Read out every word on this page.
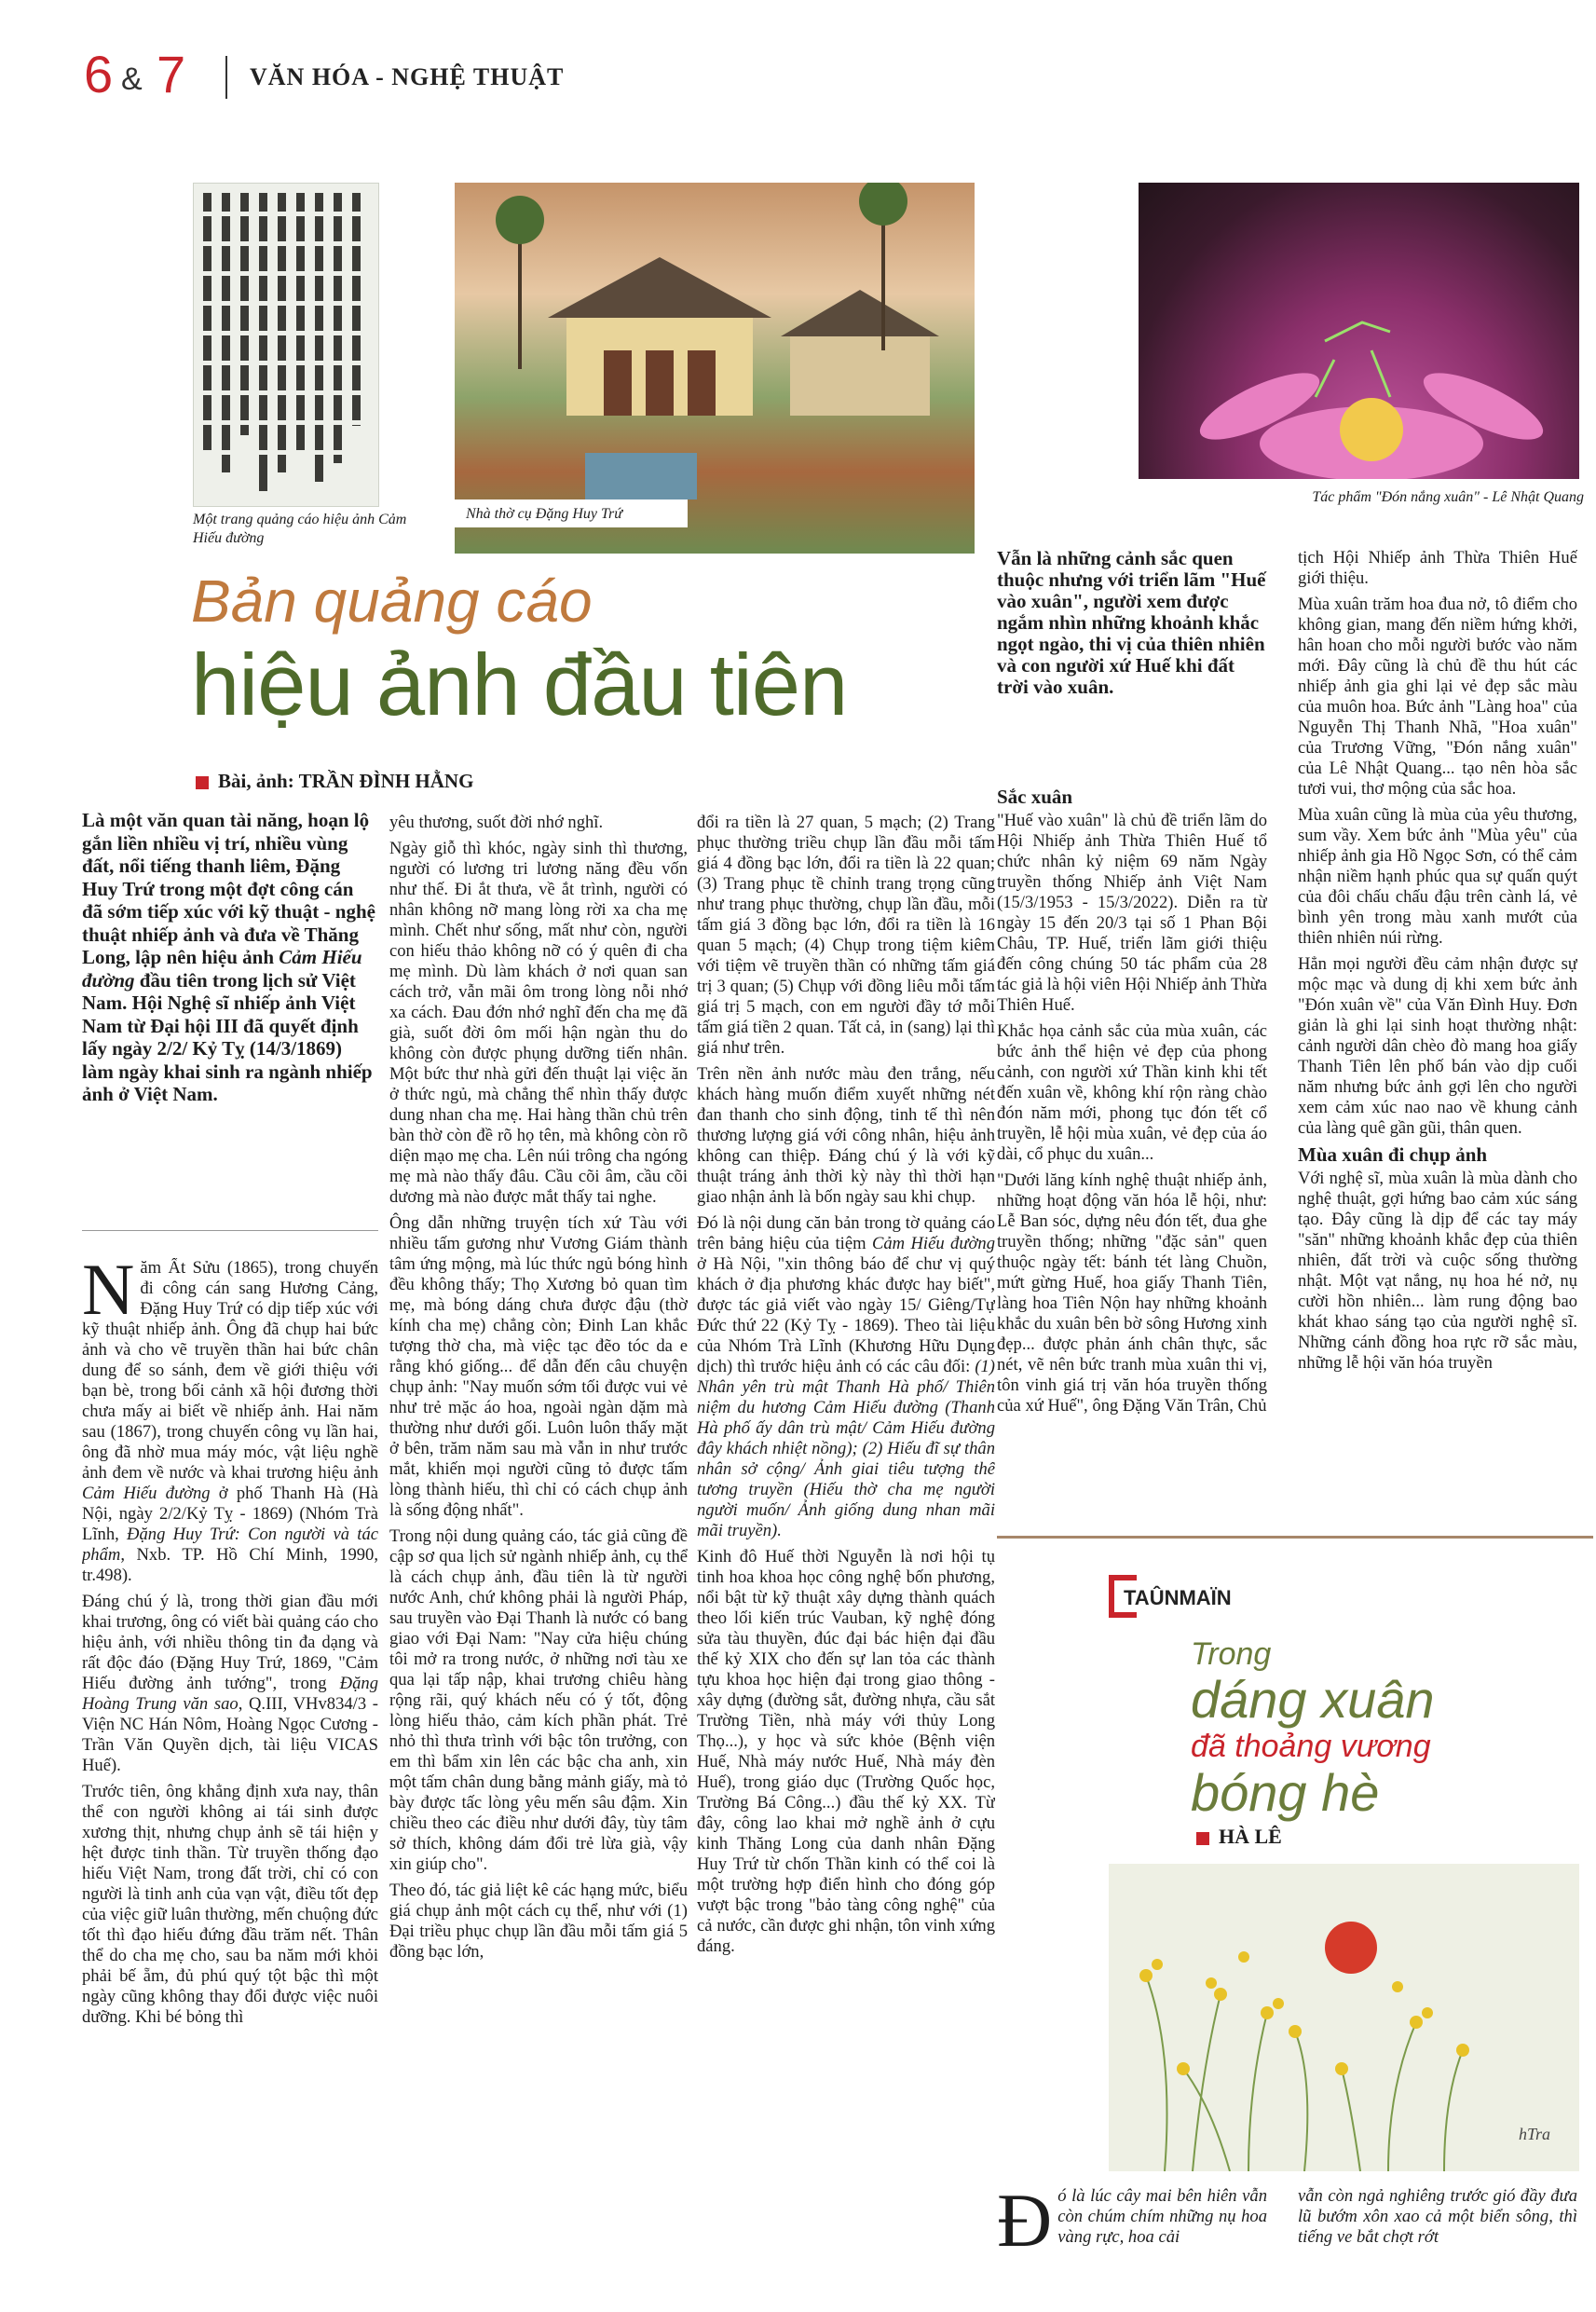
6 & 7	VĂN HÓA - NGHỆ THUẬT
Một trang quảng cáo hiệu ảnh Cảm Hiếu đường
Nhà thờ cụ Đặng Huy Trứ
Tác phẩm "Đón nắng xuân" - Lê Nhật Quang
Bản quảng cáo
hiệu ảnh đầu tiên
Bài, ảnh: TRẦN ĐÌNH HẰNG
Là một văn quan tài năng, hoạn lộ gắn liền nhiều vị trí, nhiều vùng đất, nổi tiếng thanh liêm, Đặng Huy Trứ trong một đợt công cán đã sớm tiếp xúc với kỹ thuật - nghệ thuật nhiếp ảnh và đưa về Thăng Long, lập nên hiệu ảnh Cảm Hiếu đường đầu tiên trong lịch sử Việt Nam. Hội Nghệ sĩ nhiếp ảnh Việt Nam từ Đại hội III đã quyết định lấy ngày 2/2/ Kỷ Tỵ (14/3/1869) làm ngày khai sinh ra ngành nhiếp ảnh ở Việt Nam.

Năm Ất Sửu (1865), trong chuyến đi công cán sang Hương Cảng, Đặng Huy Trứ có dịp tiếp xúc với kỹ thuật nhiếp ảnh. Ông đã chụp hai bức ảnh và cho vẽ truyền thần hai bức chân dung để so sánh, đem về giới thiệu với bạn bè, trong bối cảnh xã hội đương thời chưa mấy ai biết về nhiếp ảnh. Hai năm sau (1867), trong chuyến công vụ lần hai, ông đã nhờ mua máy móc, vật liệu nghề ảnh đem về nước và khai trương hiệu ảnh Cảm Hiếu đường ở phố Thanh Hà (Hà Nội, ngày 2/2/Kỷ Tỵ - 1869) (Nhóm Trà Lĩnh, Đặng Huy Trứ: Con người và tác phẩm, Nxb. TP. Hồ Chí Minh, 1990, tr.498).

Đáng chú ý là, trong thời gian đầu mới khai trương, ông có viết bài quảng cáo cho hiệu ảnh, với nhiều thông tin đa dạng và rất độc đáo (Đặng Huy Trứ, 1869, "Cảm Hiếu đường ảnh tướng", trong Đặng Hoàng Trung văn sao, Q.III, VHv834/3 - Viện NC Hán Nôm, Hoàng Ngọc Cương - Trần Văn Quyền dịch, tài liệu VICAS Huế).

Trước tiên, ông khẳng định xưa nay, thân thể con người không ai tái sinh được xương thịt, nhưng chụp ảnh sẽ tái hiện y hệt được tinh thần. Từ truyền thống đạo hiếu Việt Nam, trong đất trời, chỉ có con người là tinh anh của vạn vật, điều tốt đẹp của việc giữ luân thường, mến chuộng đức tốt thì đạo hiếu đứng đầu trăm nết. Thân thể do cha mẹ cho, sau ba năm mới khỏi phải bế ẵm, đủ phú quý tột bậc thì một ngày cũng không thay đổi được việc nuôi dưỡng. Khi bé bỏng thì

yêu thương, suốt đời nhớ nghĩ.

Ngày giỗ thì khóc, ngày sinh thì thương, người có lương tri lương năng đều vốn như thế. Đi ắt thưa, về ắt trình, người có nhân không nỡ mang lòng rời xa cha mẹ mình. Chết như sống, mất như còn, người con hiếu thảo không nỡ có ý quên đi cha mẹ mình. Dù làm khách ở nơi quan san cách trở, vẫn mãi ôm trong lòng nỗi nhớ xa cách. Đau đớn nhớ nghĩ đến cha mẹ đã già, suốt đời ôm mối hận ngàn thu do không còn được phụng dưỡng tiến nhân. Một bức thư nhà gửi đến thuật lại việc ăn ở thức ngủ, mà chẳng thể nhìn thấy được dung nhan cha mẹ. Hai hàng thần chủ trên bàn thờ còn đề rõ họ tên, mà không còn rõ diện mạo mẹ cha. Lên núi trông cha ngóng mẹ mà nào thấy đâu. Cầu cõi âm, cầu cõi dương mà nào được mắt thấy tai nghe.

Ông dẫn những truyện tích xứ Tàu với nhiều tấm gương như Vương Giám thành tâm ứng mộng, mà lúc thức ngủ bóng hình đều không thấy; Thọ Xương bỏ quan tìm mẹ, mà bóng dáng chưa được đậu (thờ kính cha mẹ) chẳng còn; Đinh Lan khắc tượng thờ cha, mà việc tạc đẽo tóc da e rằng khó giống... để dẫn đến câu chuyện chụp ảnh: "Nay muốn sớm tối được vui vẻ như trẻ mặc áo hoa, ngoài ngàn dặm mà thường như dưới gối. Luôn luôn thấy mặt ở bên, trăm năm sau mà vẫn in như trước mắt, khiến mọi người cũng tỏ được tấm lòng thành hiếu, thì chỉ có cách chụp ảnh là sống động nhất".

Trong nội dung quảng cáo, tác giả cũng đề cập sơ qua lịch sử ngành nhiếp ảnh, cụ thể là cách chụp ảnh, đầu tiên là từ người nước Anh, chứ không phải là người Pháp, sau truyền vào Đại Thanh là nước có bang giao với Đại Nam: "Nay cửa hiệu chúng tôi mở ra trong nước, ở những nơi tàu xe qua lại tấp nập, khai trương chiêu hàng rộng rãi, quý khách nếu có ý tốt, động lòng hiếu thảo, cảm kích phần phát. Trẻ nhỏ thì thưa trình với bậc tôn trưởng, con em thì bẩm xin lên các bậc cha anh, xin một tấm chân dung bằng mảnh giấy, mà tỏ bày được tấc lòng yêu mến sâu đậm. Xin chiều theo các điều như dưới đây, tùy tâm sở thích, không dám đổi trẻ lừa già, vậy xin giúp cho".

Theo đó, tác giả liệt kê các hạng mức, biểu giá chụp ảnh một cách cụ thể, như với (1) Đại triều phục chụp lần đầu mỗi tấm giá 5 đồng bạc lớn,

đổi ra tiền là 27 quan, 5 mạch; (2) Trang phục thường triều chụp lần đầu mỗi tấm giá 4 đồng bạc lớn, đổi ra tiền là 22 quan; (3) Trang phục tề chỉnh trang trọng cũng như trang phục thường, chụp lần đầu, mỗi tấm giá 3 đồng bạc lớn, đổi ra tiền là 16 quan 5 mạch; (4) Chụp trong tiệm kiêm với tiệm vẽ truyền thần có những tấm giá trị 3 quan; (5) Chụp với đồng liêu mỗi tấm giá trị 5 mạch, con em người đầy tớ mỗi tấm giá tiền 2 quan. Tất cả, in (sang) lại thì giá như trên.

Trên nền ảnh nước màu đen trắng, nếu khách hàng muốn điểm xuyết những nét đan thanh cho sinh động, tinh tế thì nên thương lượng giá với công nhân, hiệu ảnh không can thiệp. Đáng chú ý là với kỹ thuật tráng ảnh thời kỳ này thì thời hạn giao nhận ảnh là bốn ngày sau khi chụp.

Đó là nội dung căn bản trong tờ quảng cáo trên bảng hiệu của tiệm Cảm Hiếu đường ở Hà Nội, "xin thông báo để chư vị quý khách ở địa phương khác được hay biết", được tác giả viết vào ngày 15/ Giêng/Tự Đức thứ 22 (Kỷ Tỵ - 1869). Theo tài liệu của Nhóm Trà Lĩnh (Khương Hữu Dụng dịch) thì trước hiệu ảnh có các câu đối: (1) Nhân yên trù mật Thanh Hà phố/ Thiên niệm du hương Cảm Hiếu đường (Thanh Hà phố ấy dân trù mật/ Cảm Hiếu đường đây khách nhiệt nồng); (2) Hiếu đĩ sự thân nhân sở cộng/ Ảnh giai tiêu tượng thế tương truyền (Hiếu thờ cha mẹ người người muốn/ Ảnh giống dung nhan mãi mãi truyền).

Kinh đô Huế thời Nguyễn là nơi hội tụ tinh hoa khoa học công nghệ bốn phương, nổi bật từ kỹ thuật xây dựng thành quách theo lối kiến trúc Vauban, kỹ nghệ đóng sửa tàu thuyền, đúc đại bác hiện đại đầu thế kỷ XIX cho đến sự lan tỏa các thành tựu khoa học hiện đại trong giao thông - xây dựng (đường sắt, đường nhựa, cầu sắt Trường Tiền, nhà máy với thủy Long Thọ...), y học và sức khỏe (Bệnh viện Huế, Nhà máy nước Huế, Nhà máy đèn Huế), trong giáo dục (Trường Quốc học, Trường Bá Công...) đầu thế kỷ XX. Từ đây, công lao khai mở nghề ảnh ở cựu kinh Thăng Long của danh nhân Đặng Huy Trứ từ chốn Thần kinh có thể coi là một trường hợp điển hình cho đóng góp vượt bậc trong "bảo tàng công nghệ" của cả nước, cần được ghi nhận, tôn vinh xứng đáng.

Vẫn là những cảnh sắc quen thuộc nhưng với triển lãm "Huế vào xuân", người xem được ngắm nhìn những khoảnh khắc ngọt ngào, thi vị của thiên nhiên và con người xứ Huế khi đất trời vào xuân.
Sắc xuân

"Huế vào xuân" là chủ đề triển lãm do Hội Nhiếp ảnh Thừa Thiên Huế tổ chức nhân kỷ niệm 69 năm Ngày truyền thống Nhiếp ảnh Việt Nam (15/3/1953 - 15/3/2022). Diễn ra từ ngày 15 đến 20/3 tại số 1 Phan Bội Châu, TP. Huế, triển lãm giới thiệu đến công chúng 50 tác phẩm của 28 tác giả là hội viên Hội Nhiếp ảnh Thừa Thiên Huế.

Khắc họa cảnh sắc của mùa xuân, các bức ảnh thể hiện vẻ đẹp của phong cảnh, con người xứ Thần kinh khi tết đến xuân về, không khí rộn ràng chào đón năm mới, phong tục đón tết cổ truyền, lễ hội mùa xuân, vẻ đẹp của áo dài, cổ phục du xuân...

"Dưới lăng kính nghệ thuật nhiếp ảnh, những hoạt động văn hóa lễ hội, như: Lễ Ban sóc, dựng nêu đón tết, đua ghe truyền thống; những "đặc sản" quen thuộc ngày tết: bánh tét làng Chuồn, mứt gừng Huế, hoa giấy Thanh Tiên, làng hoa Tiên Nộn hay những khoảnh khắc du xuân bên bờ sông Hương xinh đẹp... được phản ánh chân thực, sắc nét, vẽ nên bức tranh mùa xuân thi vị, tôn vinh giá trị văn hóa truyền thống của xứ Huế", ông Đặng Văn Trân, Chủ

tịch Hội Nhiếp ảnh Thừa Thiên Huế giới thiệu.

Mùa xuân trăm hoa đua nở, tô điểm cho không gian, mang đến niềm hứng khởi, hân hoan cho mỗi người bước vào năm mới. Đây cũng là chủ đề thu hút các nhiếp ảnh gia ghi lại vẻ đẹp sắc màu của muôn hoa. Bức ảnh "Làng hoa" của Nguyễn Thị Thanh Nhã, "Hoa xuân" của Trương Vững, "Đón nắng xuân" của Lê Nhật Quang... tạo nên hòa sắc tươi vui, thơ mộng của sắc hoa.

Mùa xuân cũng là mùa của yêu thương, sum vầy. Xem bức ảnh "Mùa yêu" của nhiếp ảnh gia Hồ Ngọc Sơn, có thể cảm nhận niềm hạnh phúc qua sự quấn quýt của đôi chấu chấu đậu trên cành lá, vẻ bình yên trong màu xanh mướt của thiên nhiên núi rừng.

Hẳn mọi người đều cảm nhận được sự mộc mạc và dung dị khi xem bức ảnh "Đón xuân về" của Văn Đình Huy. Đơn giản là ghi lại sinh hoạt thường nhật: cảnh người dân chèo đò mang hoa giấy Thanh Tiên lên phố bán vào dịp cuối năm nhưng bức ảnh gợi lên cho người xem cảm xúc nao nao về khung cảnh của làng quê gần gũi, thân quen.

Mùa xuân đi chụp ảnh

Với nghệ sĩ, mùa xuân là mùa dành cho nghệ thuật, gợi hứng bao cảm xúc sáng tạo. Đây cũng là dịp để các tay máy "săn" những khoảnh khắc đẹp của thiên nhiên, đất trời và cuộc sống thường nhật. Một vạt nắng, nụ hoa hé nở, nụ cười hồn nhiên... làm rung động bao khát khao sáng tạo của người nghệ sĩ. Những cánh đồng hoa rực rỡ sắc màu, những lễ hội văn hóa truyền

TAÛNMAÏN
Trong
dáng xuân
đã thoảng vương
bóng hè
HÀ LÊ
hTra
Đó là lúc cây mai bên hiên vẫn còn chúm chím những nụ hoa vàng rực, hoa cải
vẫn còn ngả nghiêng trước gió đầy đưa lũ bướm xôn xao cả một biển sông, thì tiếng ve bắt chợt rớt
